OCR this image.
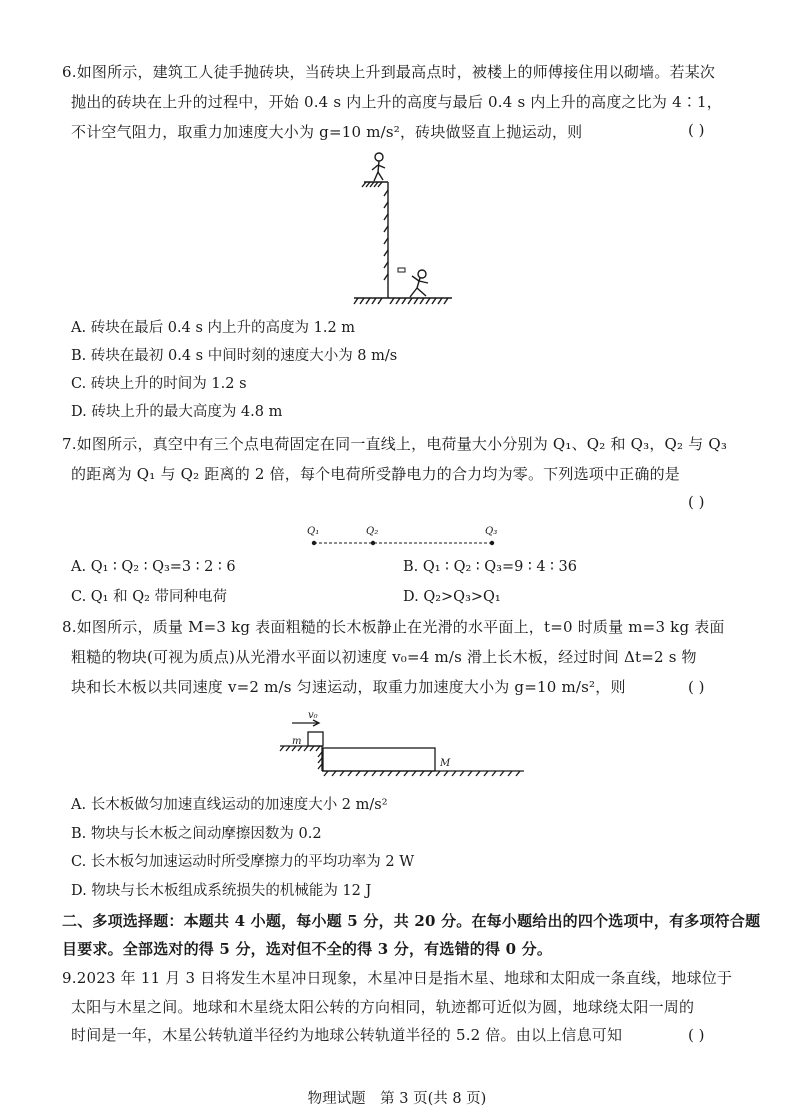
6.如图所示，建筑工人徒手抛砖块，当砖块上升到最高点时，被楼上的师傅接住用以砌墙。若某次
抛出的砖块在上升的过程中，开始 0.4 s 内上升的高度与最后 0.4 s 内上升的高度之比为 4∶1，
不计空气阻力，取重力加速度大小为 g=10 m/s²，砖块做竖直上抛运动，则	( )
A. 砖块在最后 0.4 s 内上升的高度为 1.2 m
B. 砖块在最初 0.4 s 中间时刻的速度大小为 8 m/s
C. 砖块上升的时间为 1.2 s
D. 砖块上升的最大高度为 4.8 m
7.如图所示，真空中有三个点电荷固定在同一直线上，电荷量大小分别为 Q₁、Q₂ 和 Q₃，Q₂ 与 Q₃
的距离为 Q₁ 与 Q₂ 距离的 2 倍，每个电荷所受静电力的合力均为零。下列选项中正确的是
( )
Q₁	Q₂	Q₃
A. Q₁ ∶ Q₂ ∶ Q₃=3 ∶ 2 ∶ 6	B. Q₁ ∶ Q₂ ∶ Q₃=9 ∶ 4 ∶ 36
C. Q₁ 和 Q₂ 带同种电荷	D. Q₂>Q₃>Q₁
8.如图所示，质量 M=3 kg 表面粗糙的长木板静止在光滑的水平面上，t=0 时质量 m=3 kg 表面
粗糙的物块(可视为质点)从光滑水平面以初速度 v₀=4 m/s 滑上长木板，经过时间 Δt=2 s 物
块和长木板以共同速度 v=2 m/s 匀速运动，取重力加速度大小为 g=10 m/s²，则	( )
v₀
m
M
A. 长木板做匀加速直线运动的加速度大小 2 m/s²
B. 物块与长木板之间动摩擦因数为 0.2
C. 长木板匀加速运动时所受摩擦力的平均功率为 2 W
D. 物块与长木板组成系统损失的机械能为 12 J
二、多项选择题：本题共 4 小题，每小题 5 分，共 20 分。在每小题给出的四个选项中，有多项符合题
目要求。全部选对的得 5 分，选对但不全的得 3 分，有选错的得 0 分。
9.2023 年 11 月 3 日将发生木星冲日现象，木星冲日是指木星、地球和太阳成一条直线，地球位于
太阳与木星之间。地球和木星绕太阳公转的方向相同，轨迹都可近似为圆，地球绕太阳一周的
时间是一年，木星公转轨道半径约为地球公转轨道半径的 5.2 倍。由以上信息可知	( )
物理试题　第 3 页(共 8 页)
